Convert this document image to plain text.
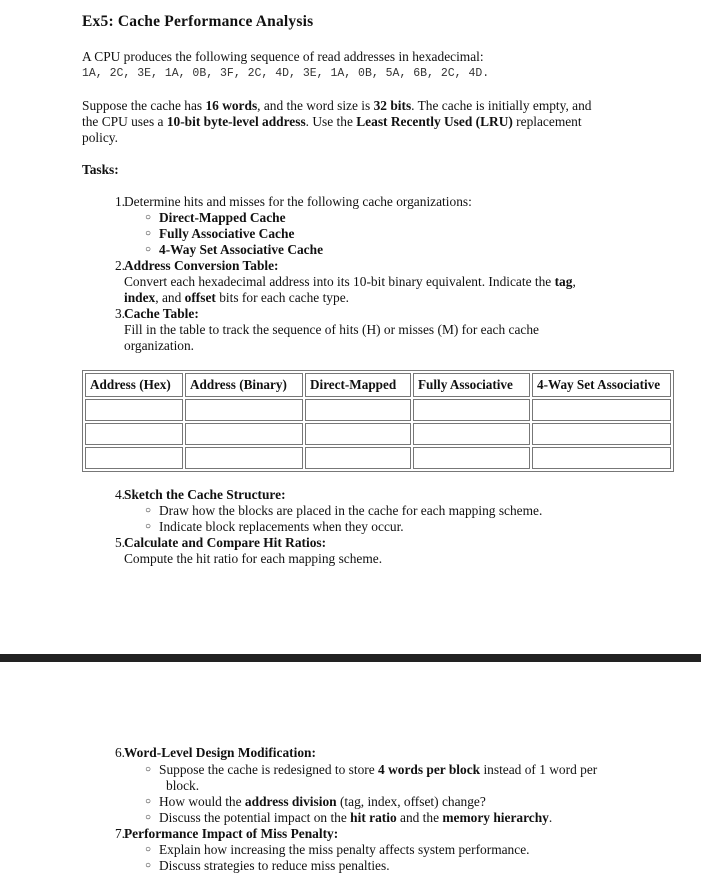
Ex5: Cache Performance Analysis
A CPU produces the following sequence of read addresses in hexadecimal:
1A, 2C, 3E, 1A, 0B, 3F, 2C, 4D, 3E, 1A, 0B, 5A, 6B, 2C, 4D.
Suppose the cache has 16 words, and the word size is 32 bits. The cache is initially empty, and
the CPU uses a 10-bit byte-level address. Use the Least Recently Used (LRU) replacement
policy.
Tasks:
1. Determine hits and misses for the following cache organizations:
○ Direct-Mapped Cache
○ Fully Associative Cache
○ 4-Way Set Associative Cache
2. Address Conversion Table:
Convert each hexadecimal address into its 10-bit binary equivalent. Indicate the tag,
index, and offset bits for each cache type.
3. Cache Table:
Fill in the table to track the sequence of hits (H) or misses (M) for each cache
organization.
Address (Hex)	Address (Binary)	Direct-Mapped	Fully Associative	4-Way Set Associative

4. Sketch the Cache Structure:
○ Draw how the blocks are placed in the cache for each mapping scheme.
○ Indicate block replacements when they occur.
5. Calculate and Compare Hit Ratios:
Compute the hit ratio for each mapping scheme.
6. Word-Level Design Modification:
○ Suppose the cache is redesigned to store 4 words per block instead of 1 word per
block.
○ How would the address division (tag, index, offset) change?
○ Discuss the potential impact on the hit ratio and the memory hierarchy.
7. Performance Impact of Miss Penalty:
○ Explain how increasing the miss penalty affects system performance.
○ Discuss strategies to reduce miss penalties.
